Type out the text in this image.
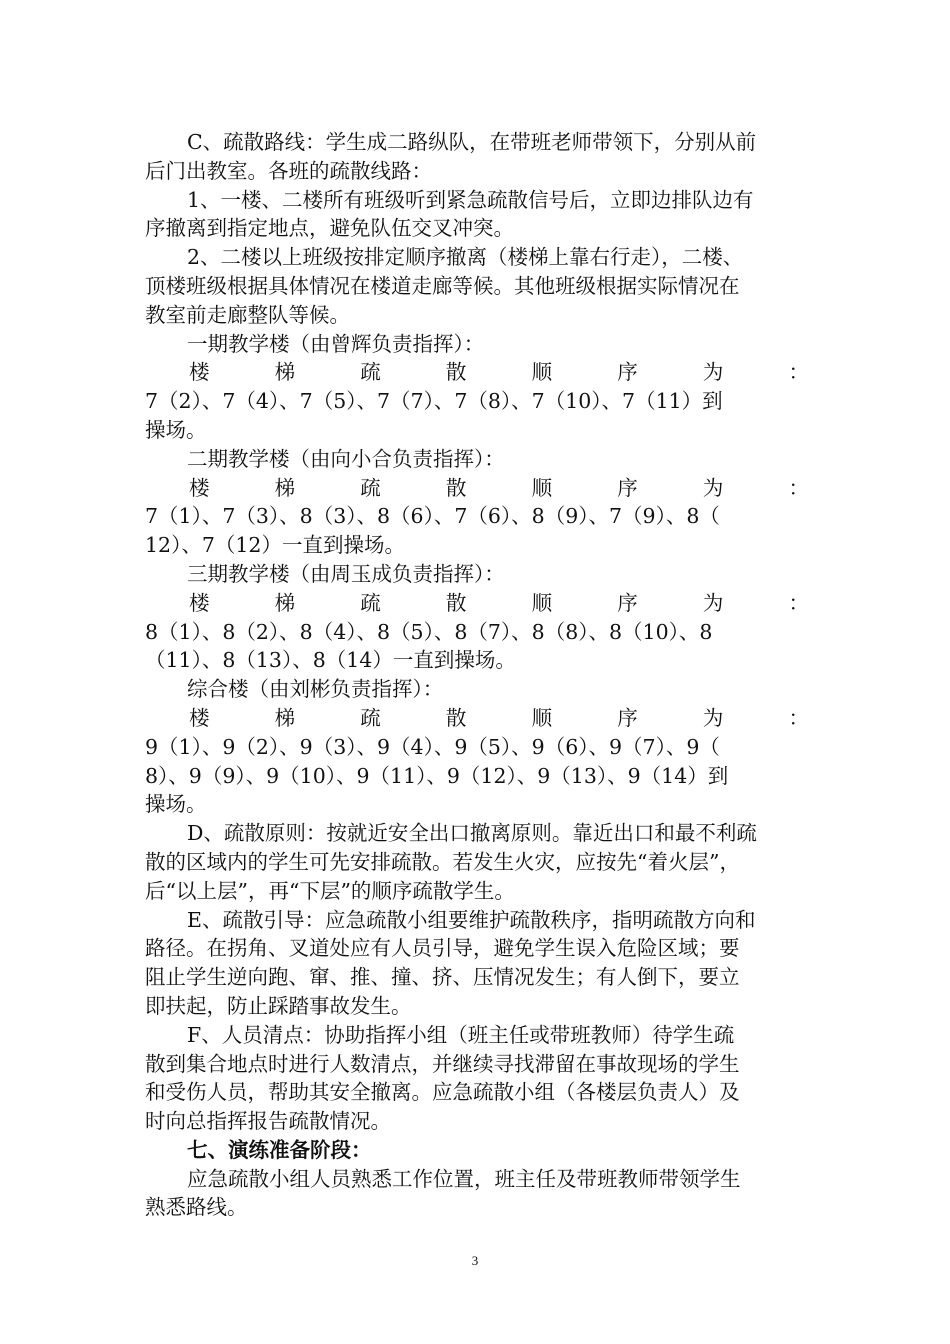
C、疏散路线：学生成二路纵队，在带班老师带领下，分别从前
后门出教室。各班的疏散线路：
1、一楼、二楼所有班级听到紧急疏散信号后，立即边排队边有
序撤离到指定地点，避免队伍交叉冲突。
2、二楼以上班级按排定顺序撤离（楼梯上靠右行走），二楼、
顶楼班级根据具体情况在楼道走廊等候。其他班级根据实际情况在
教室前走廊整队等候。
一期教学楼（由曾辉负责指挥）：
楼	梯	疏	散	顺	序	为	：
7（2）、7（4）、7（5）、7（7）、7（8）、7（10）、7（11）到
操场。
二期教学楼（由向小合负责指挥）：
楼	梯	疏	散	顺	序	为	：
7（1）、7（3）、8（3）、8（6）、7（6）、8（9）、7（9）、8（
12）、7（12）一直到操场。
三期教学楼（由周玉成负责指挥）：
楼	梯	疏	散	顺	序	为	：
8（1）、8（2）、8（4）、8（5）、8（7）、8（8）、8（10）、8
（11）、8（13）、8（14）一直到操场。
综合楼（由刘彬负责指挥）：
楼	梯	疏	散	顺	序	为	：
9（1）、9（2）、9（3）、9（4）、9（5）、9（6）、9（7）、9（
8）、9（9）、9（10）、9（11）、9（12）、9（13）、9（14）到
操场。
D、疏散原则：按就近安全出口撤离原则。靠近出口和最不利疏
散的区域内的学生可先安排疏散。若发生火灾，应按先“着火层”，
后“以上层”，再“下层”的顺序疏散学生。
E、疏散引导：应急疏散小组要维护疏散秩序，指明疏散方向和
路径。在拐角、叉道处应有人员引导，避免学生误入危险区域；要
阻止学生逆向跑、窜、推、撞、挤、压情况发生；有人倒下，要立
即扶起，防止踩踏事故发生。
F、人员清点：协助指挥小组（班主任或带班教师）待学生疏
散到集合地点时进行人数清点，并继续寻找滞留在事故现场的学生
和受伤人员，帮助其安全撤离。应急疏散小组（各楼层负责人）及
时向总指挥报告疏散情况。
七、演练准备阶段：
应急疏散小组人员熟悉工作位置，班主任及带班教师带领学生
熟悉路线。
3
